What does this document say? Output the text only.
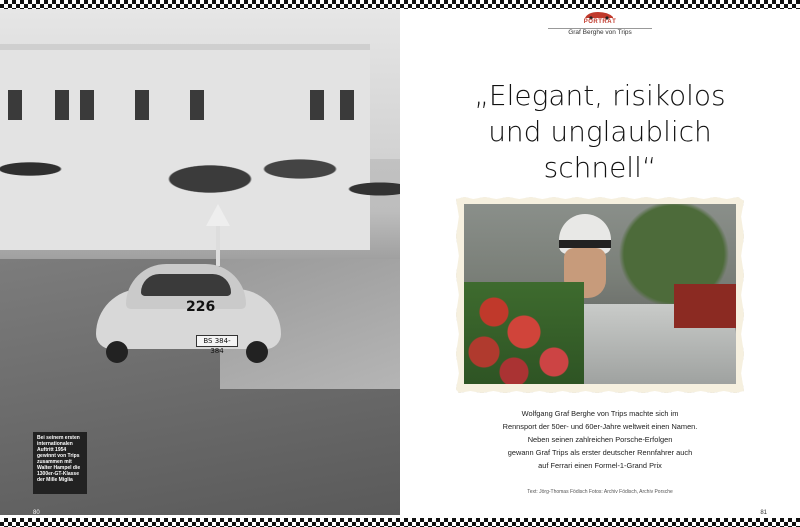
226
BS 384-384
Bei seinem ersten
internationalen
Auftritt 1954
gewinnt von Trips
zusammen mit
Walter Hampel die
1300er-GT-Klasse
der Mille Miglia
80
PORTRÄT
Graf Berghe von Trips
„Elegant, risikolos
und unglaublich
schnell“
Wolfgang Graf Berghe von Trips machte sich im
Rennsport der 50er- und 60er-Jahre weltweit einen Namen.
Neben seinen zahlreichen Porsche-Erfolgen
gewann Graf Trips als erster deutscher Rennfahrer auch
auf Ferrari einen Formel-1-Grand Prix
Text: Jörg-Thomas Födisch Fotos: Archiv Födisch, Archiv Porsche
81
